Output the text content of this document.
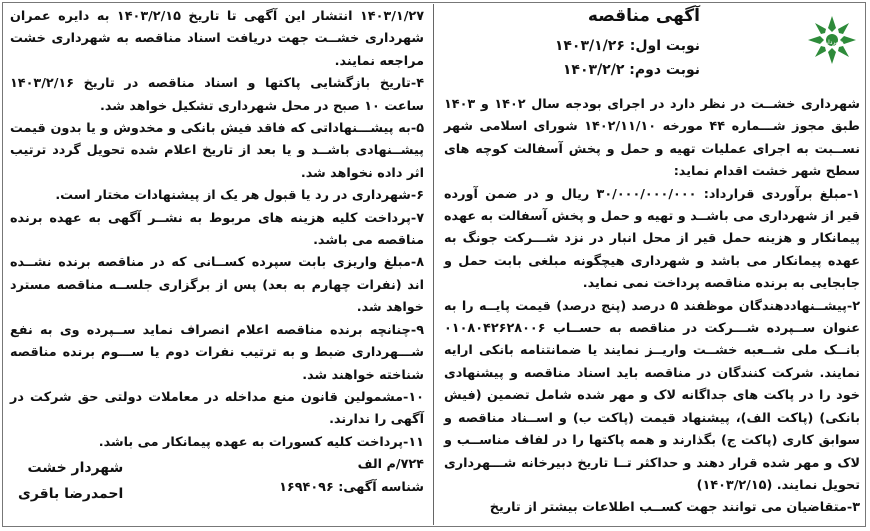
شهرداری
آگهی مناقصه
نوبت اول: ۱۴۰۳/۱/۲۶
نوبت دوم: ۱۴۰۳/۲/۲

شهرداری خشــت در نظر دارد در اجرای بودجه سال ۱۴۰۲ و ۱۴۰۳ طبق مجوز شـــماره ۴۴ مورخه ۱۴۰۲/۱۱/۱۰ شورای اسلامی شهر نســبت به اجرای عملیات تهیه و حمل و پخش آسفالت کوچه های سطح شهر خشت اقدام نماید:

۱-مبلغ برآوردی قرارداد: ۳۰/۰۰۰/۰۰۰/۰۰۰ ریال و در ضمن آورده قیر از شهرداری می باشــد و تهیه و حمل و پخش آسفالت به عهده پیمانکار و هزینه حمل قیر از محل انبار در نزد شـــرکت جونگ به عهده پیمانکار می باشد و شهرداری هیچگونه مبلغی بابت حمل و جابجایی به برنده مناقصه پرداخت نمی نماید.

۲-پیشــنهاددهندگان موظفند ۵ درصد (پنج درصد) قیمت پایــه را به عنوان ســپرده شـــرکت در مناقصه به حســاب ۰۱۰۸۰۴۲۶۲۸۰۰۶ بانــک ملی شــعبه خشــت واریــز نمایند یا ضمانتنامه بانکی ارایه نمایند. شرکت کنندگان در مناقصه باید اسناد مناقصه و پیشنهادی خود را در پاکت های جداگانه لاک و مهر شده شامل تضمین (فیش بانکی) (پاکت الف)، پیشنهاد قیمت (پاکت ب) و اســناد مناقصه و سوابق کاری (پاکت ج) بگذارند و همه پاکتها را در لفاف مناســب و لاک و مهر شده قرار دهند و حداکثر تــا تاریخ دبیرخانه شـــهرداری تحویل نمایند. (۱۴۰۳/۲/۱۵)

۳-متقاضیان می توانند جهت کســب اطلاعات بیشتر از تاریخ

۱۴۰۳/۱/۲۷ انتشار این آگهی تا تاریخ ۱۴۰۳/۲/۱۵ به دایره عمران شهرداری خشــت جهت دریافت اسناد مناقصه به شهرداری خشت مراجعه نمایند.

۴-تاریخ بازگشایی پاکتها و اسناد مناقصه در تاریخ ۱۴۰۳/۲/۱۶ ساعت ۱۰ صبح در محل شهرداری تشکیل خواهد شد.

۵-به پیشـــنهاداتی که فاقد فیش بانکی و مخدوش و یا بدون قیمت پیشــنهادی باشــد و یا بعد از تاریخ اعلام شده تحویل گردد ترتیب اثر داده نخواهد شد.

۶-شهرداری در رد یا قبول هر یک از پیشنهادات مختار است.

۷-پرداخت کلیه هزینه های مربوط به نشــر آگهی به عهده برنده مناقصه می باشد.

۸-مبلغ واریزی بابت سپرده کســانی که در مناقصه برنده نشــده اند (نفرات چهارم به بعد) پس از برگزاری جلســه مناقصه مسترد خواهد شد.

۹-چنانچه برنده مناقصه اعلام انصراف نماید ســپرده وی به نفع شـــهرداری ضبط و به ترتیب نفرات دوم یا ســـوم برنده مناقصه شناخته خواهند شد.

۱۰-مشمولین قانون منع مداخله در معاملات دولتی حق شرکت در آگهی را ندارند.

۱۱-پرداخت کلیه کسورات به عهده پیمانکار می باشد.

۷۲۴/م الف

شناسه آگهی: ۱۶۹۴۰۹۶

شهردار خشت
احمدرضا باقری
